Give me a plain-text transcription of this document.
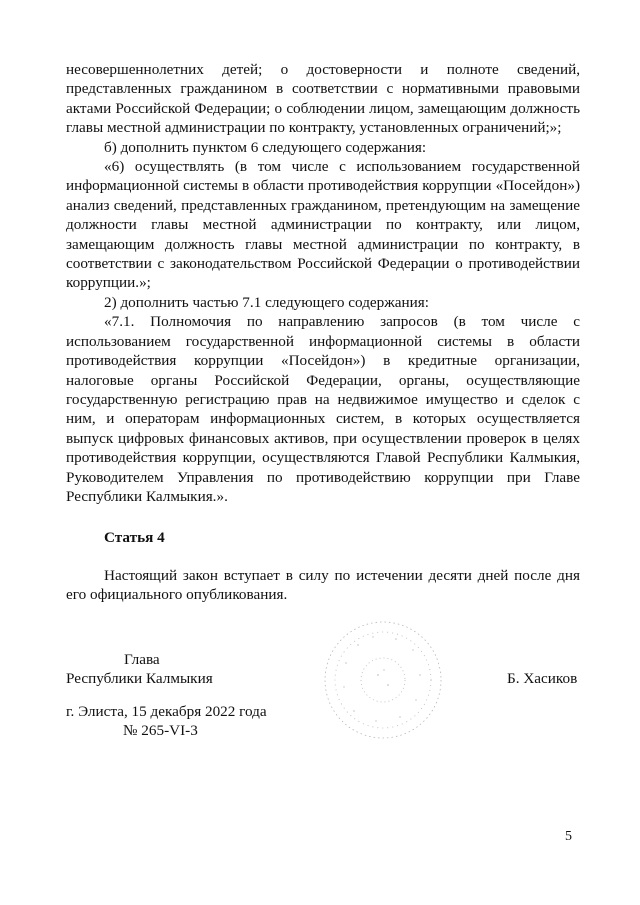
несовершеннолетних детей; о достоверности и полноте сведений, представленных гражданином в соответствии с нормативными правовыми актами Российской Федерации; о соблюдении лицом, замещающим должность главы местной администрации по контракту, установленных ограничений;»;

б) дополнить пунктом 6 следующего содержания:

«6) осуществлять (в том числе с использованием государственной информационной системы в области противодействия коррупции «Посейдон») анализ сведений, представленных гражданином, претендующим на замещение должности главы местной администрации по контракту, или лицом, замещающим должность главы местной администрации по контракту, в соответствии с законодательством Российской Федерации о противодействии коррупции.»;

2) дополнить частью 7.1 следующего содержания:

«7.1. Полномочия по направлению запросов (в том числе с использованием государственной информационной системы в области противодействия коррупции «Посейдон») в кредитные организации, налоговые органы Российской Федерации, органы, осуществляющие государственную регистрацию прав на недвижимое имущество и сделок с ним, и операторам информационных систем, в которых осуществляется выпуск цифровых финансовых активов, при осуществлении проверок в целях противодействия коррупции, осуществляются Главой Республики Калмыкия, Руководителем Управления по противодействию коррупции при Главе Республики Калмыкия.».

Статья 4

Настоящий закон вступает в силу по истечении десяти дней после дня его официального опубликования.

Глава
Республики Калмыкия	Б. Хасиков
г. Элиста, 15 декабря 2022 года
№ 265-VI-3
5
